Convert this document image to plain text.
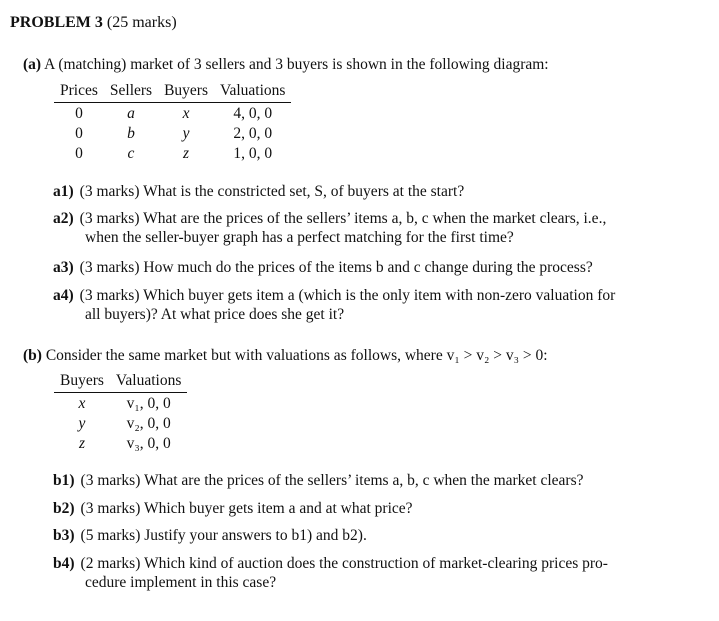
PROBLEM 3 (25 marks)
(a) A (matching) market of 3 sellers and 3 buyers is shown in the following diagram:
Prices	Sellers	Buyers	Valuations
0	a	x	4, 0, 0
0	b	y	2, 0, 0
0	c	z	1, 0, 0
a1) (3 marks) What is the constricted set, S, of buyers at the start?
a2) (3 marks) What are the prices of the sellers’ items a, b, c when the market clears, i.e.,
when the seller-buyer graph has a perfect matching for the first time?
a3) (3 marks) How much do the prices of the items b and c change during the process?
a4) (3 marks) Which buyer gets item a (which is the only item with non-zero valuation for
all buyers)? At what price does she get it?
(b) Consider the same market but with valuations as follows, where v₁ > v₂ > v₃ > 0:
Buyers	Valuations
x	v₁, 0, 0
y	v₂, 0, 0
z	v₃, 0, 0
b1) (3 marks) What are the prices of the sellers’ items a, b, c when the market clears?
b2) (3 marks) Which buyer gets item a and at what price?
b3) (5 marks) Justify your answers to b1) and b2).
b4) (2 marks) Which kind of auction does the construction of market-clearing prices pro-
cedure implement in this case?
